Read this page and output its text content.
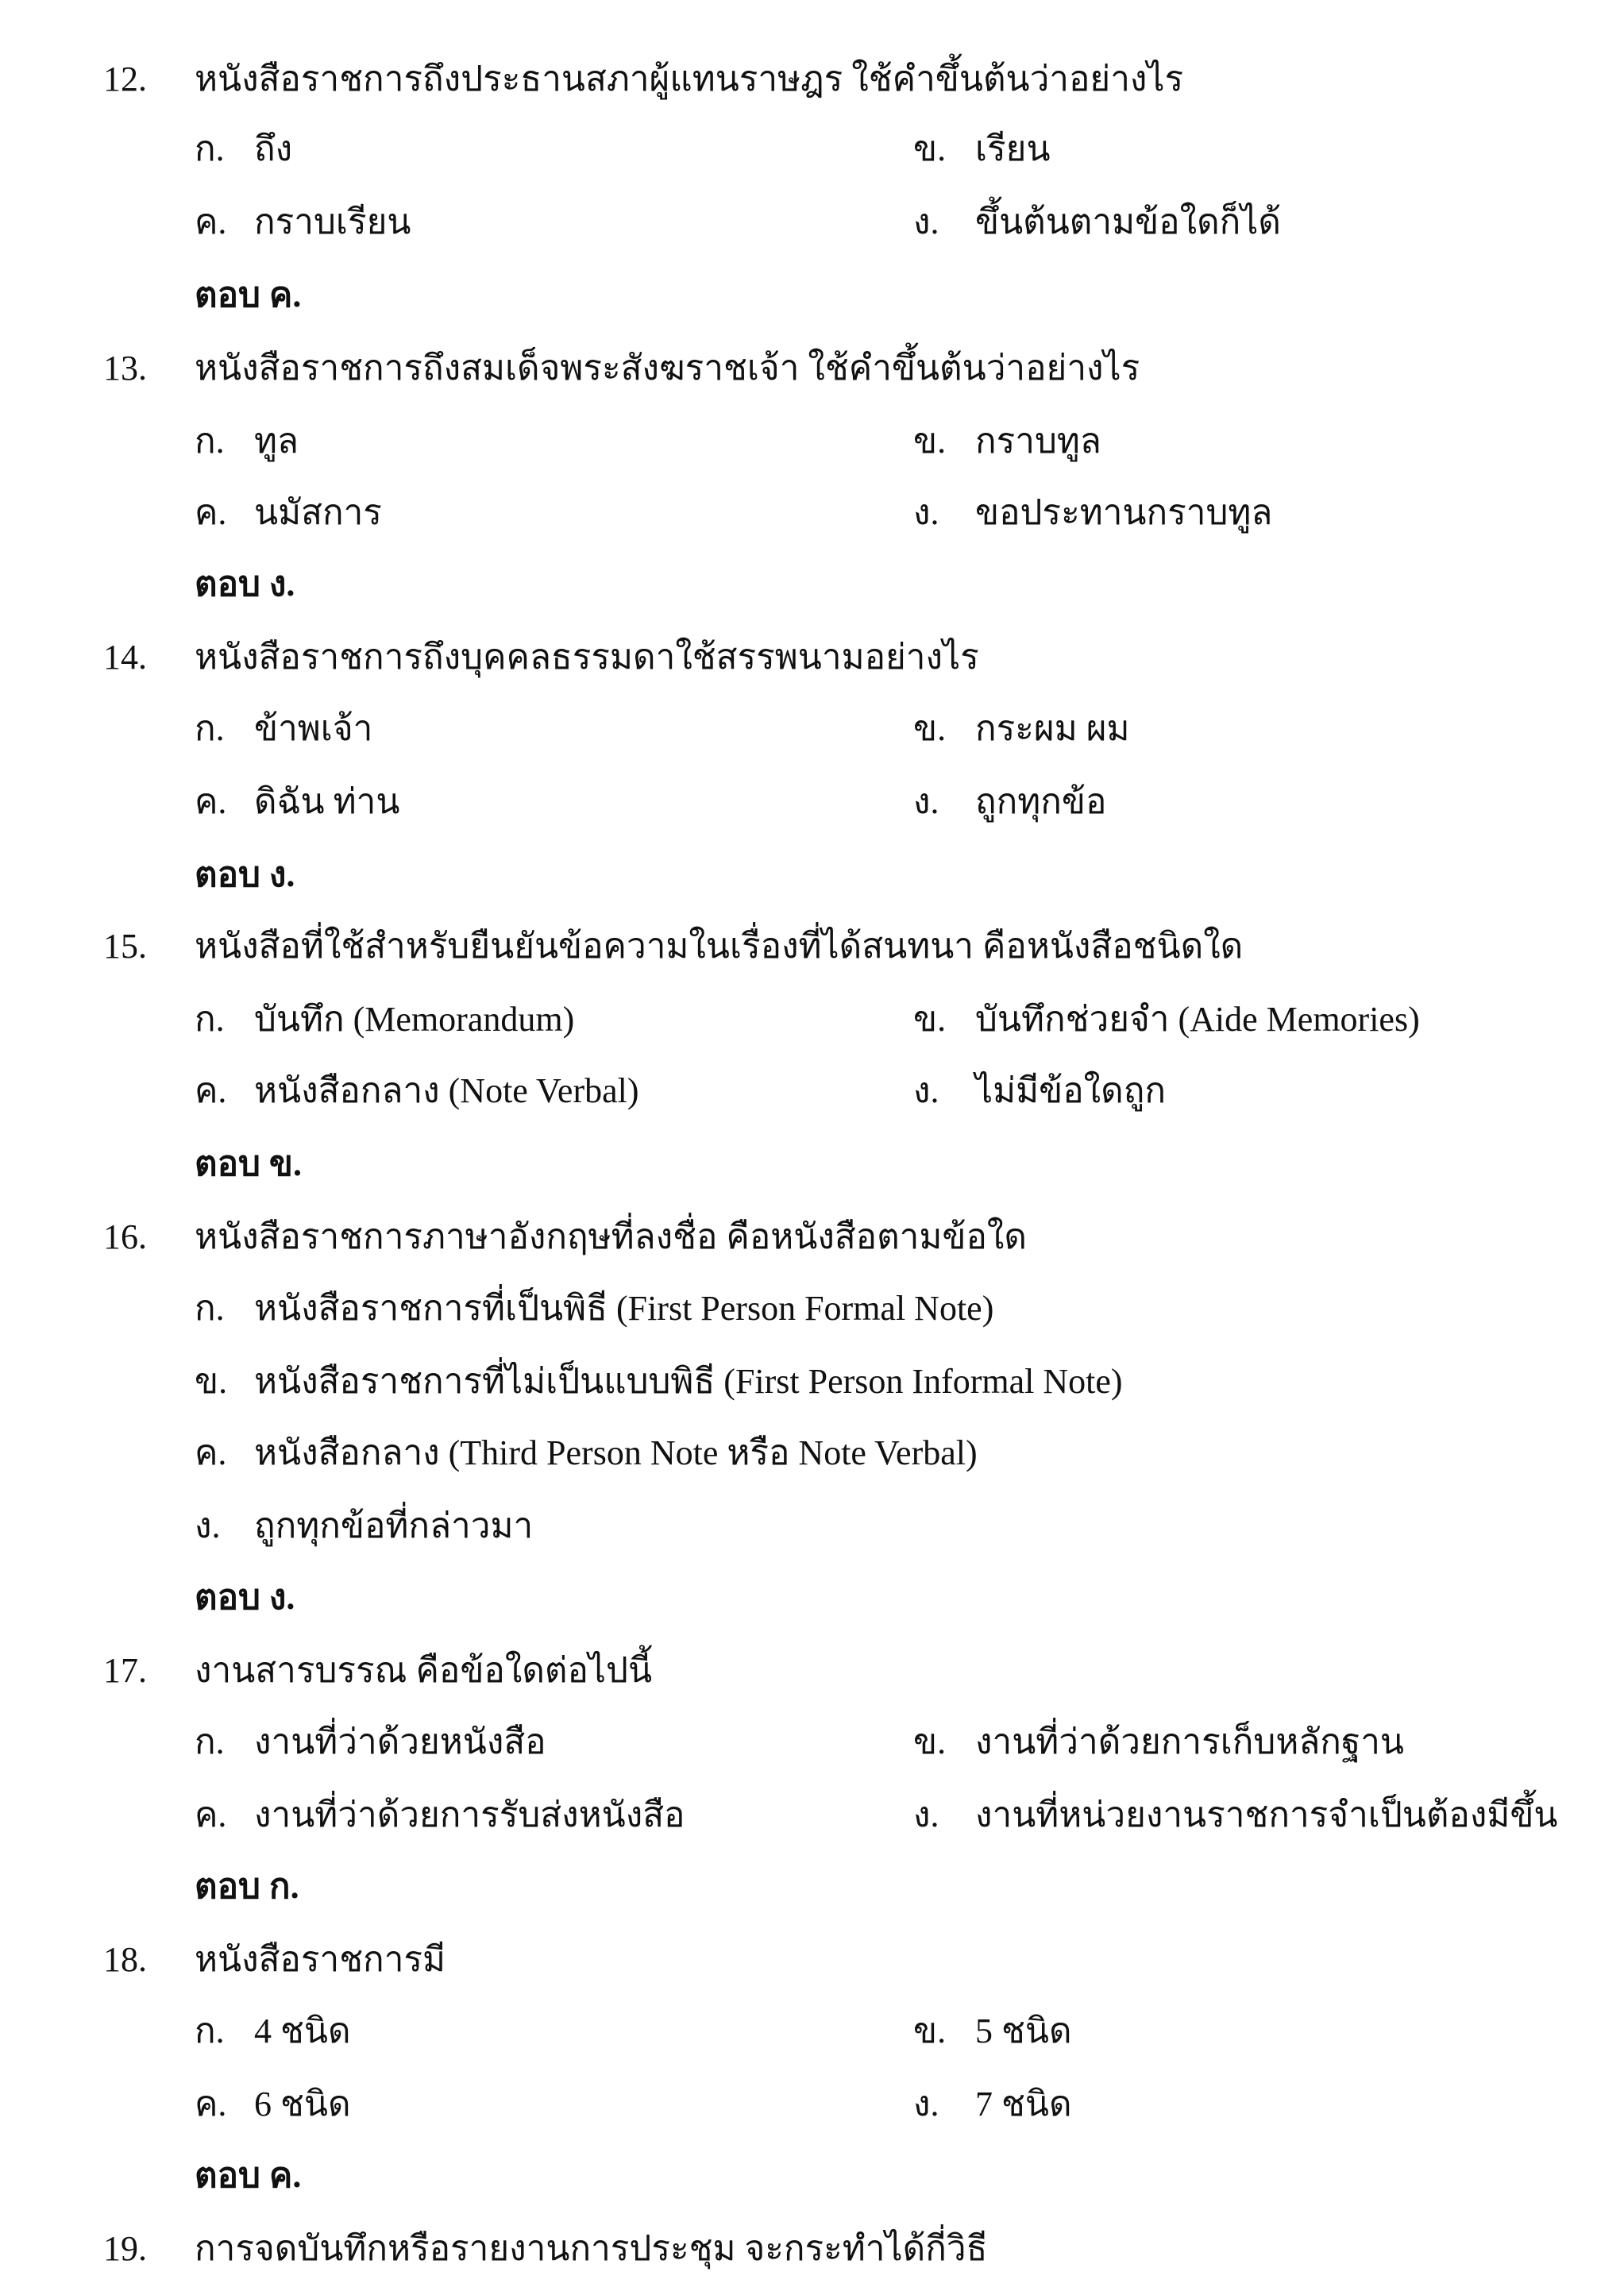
12. หนังสือราชการถึงประธานสภาผู้แทนราษฎร ใช้คำขึ้นต้นว่าอย่างไร
ก. ถึง	ข. เรียน
ค. กราบเรียน	ง. ขึ้นต้นตามข้อใดก็ได้
ตอบ ค.
13. หนังสือราชการถึงสมเด็จพระสังฆราชเจ้า ใช้คำขึ้นต้นว่าอย่างไร
ก. ทูล	ข. กราบทูล
ค. นมัสการ	ง. ขอประทานกราบทูล
ตอบ ง.
14. หนังสือราชการถึงบุคคลธรรมดาใช้สรรพนามอย่างไร
ก. ข้าพเจ้า	ข. กระผม ผม
ค. ดิฉัน ท่าน	ง. ถูกทุกข้อ
ตอบ ง.
15. หนังสือที่ใช้สำหรับยืนยันข้อความในเรื่องที่ได้สนทนา คือหนังสือชนิดใด
ก. บันทึก (Memorandum)	ข. บันทึกช่วยจำ (Aide Memories)
ค. หนังสือกลาง (Note Verbal)	ง. ไม่มีข้อใดถูก
ตอบ ข.
16. หนังสือราชการภาษาอังกฤษที่ลงชื่อ คือหนังสือตามข้อใด
ก. หนังสือราชการที่เป็นพิธี (First Person Formal Note)
ข. หนังสือราชการที่ไม่เป็นแบบพิธี (First Person Informal Note)
ค. หนังสือกลาง (Third Person Note หรือ Note Verbal)
ง. ถูกทุกข้อที่กล่าวมา
ตอบ ง.
17. งานสารบรรณ คือข้อใดต่อไปนี้
ก. งานที่ว่าด้วยหนังสือ	ข. งานที่ว่าด้วยการเก็บหลักฐาน
ค. งานที่ว่าด้วยการรับส่งหนังสือ	ง. งานที่หน่วยงานราชการจำเป็นต้องมีขึ้น
ตอบ ก.
18. หนังสือราชการมี
ก. 4 ชนิด	ข. 5 ชนิด
ค. 6 ชนิด	ง. 7 ชนิด
ตอบ ค.
19. การจดบันทึกหรือรายงานการประชุม จะกระทำได้กี่วิธี
